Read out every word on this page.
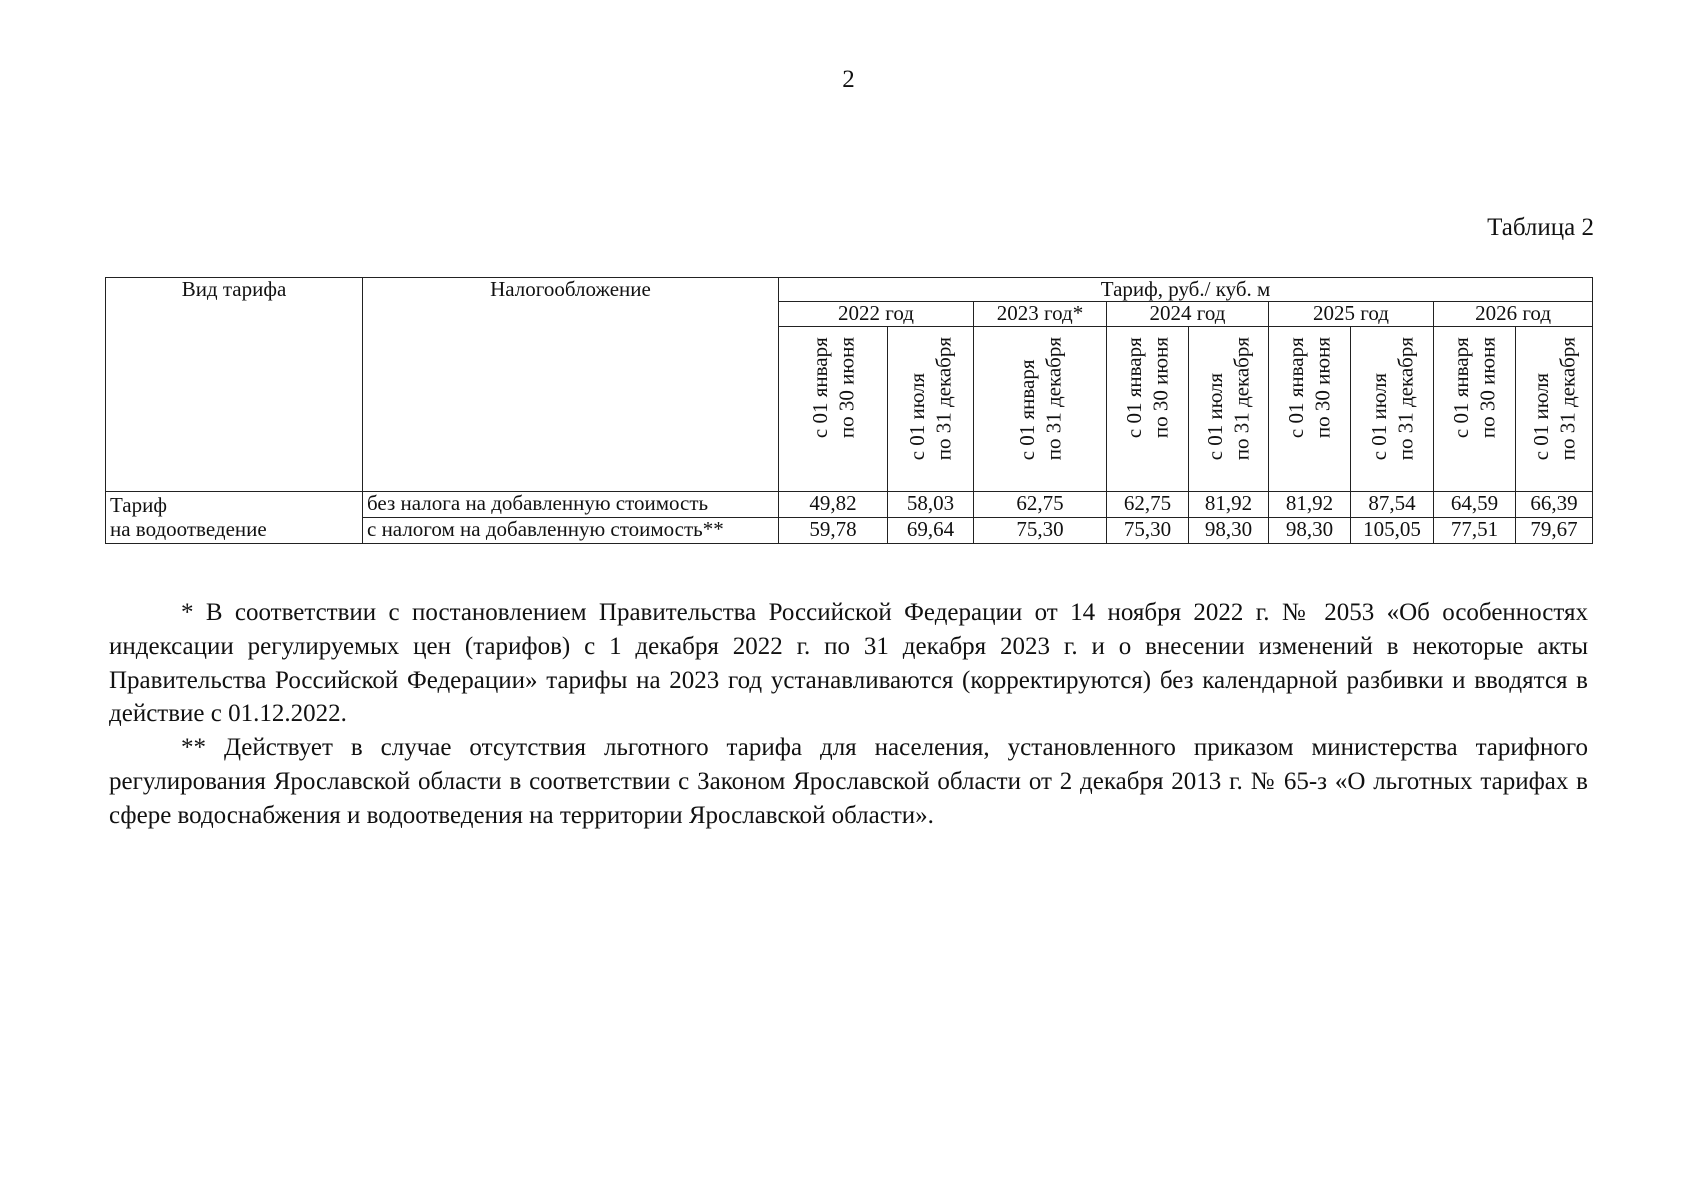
2
Таблица 2
Вид тарифа	Налогообложение	Тариф, руб./ куб. м								
		2022 год		2023 год*	2024 год		2025 год		2026 год	

		с 01 января по 30 июня	с 01 июля по 31 декабря	с 01 января по 31 декабря	с 01 января по 30 июня	с 01 июля по 31 декабря	с 01 января по 30 июня	с 01 июля по 31 декабря	с 01 января по 30 июня	с 01 июля по 31 декабря

Тариф
на водоотведение	без налога на добавленную стоимость	49,82	58,03	62,75	62,75	81,92	81,92	87,54	64,59	66,39
	с налогом на добавленную стоимость**	59,78	69,64	75,30	75,30	98,30	98,30	105,05	77,51	79,67

* В соответствии с постановлением Правительства Российской Федерации от 14 ноября 2022 г. № 2053 «Об особенностях индексации регулируемых цен (тарифов) с 1 декабря 2022 г. по 31 декабря 2023 г. и о внесении изменений в некоторые акты Правительства Российской Федерации» тарифы на 2023 год устанавливаются (корректируются) без календарной разбивки и вводятся в действие с 01.12.2022.

** Действует в случае отсутствия льготного тарифа для населения, установленного приказом министерства тарифного регулирования Ярославской области в соответствии с Законом Ярославской области от 2 декабря 2013 г. № 65-з «О льготных тарифах в сфере водоснабжения и водоотведения на территории Ярославской области».
